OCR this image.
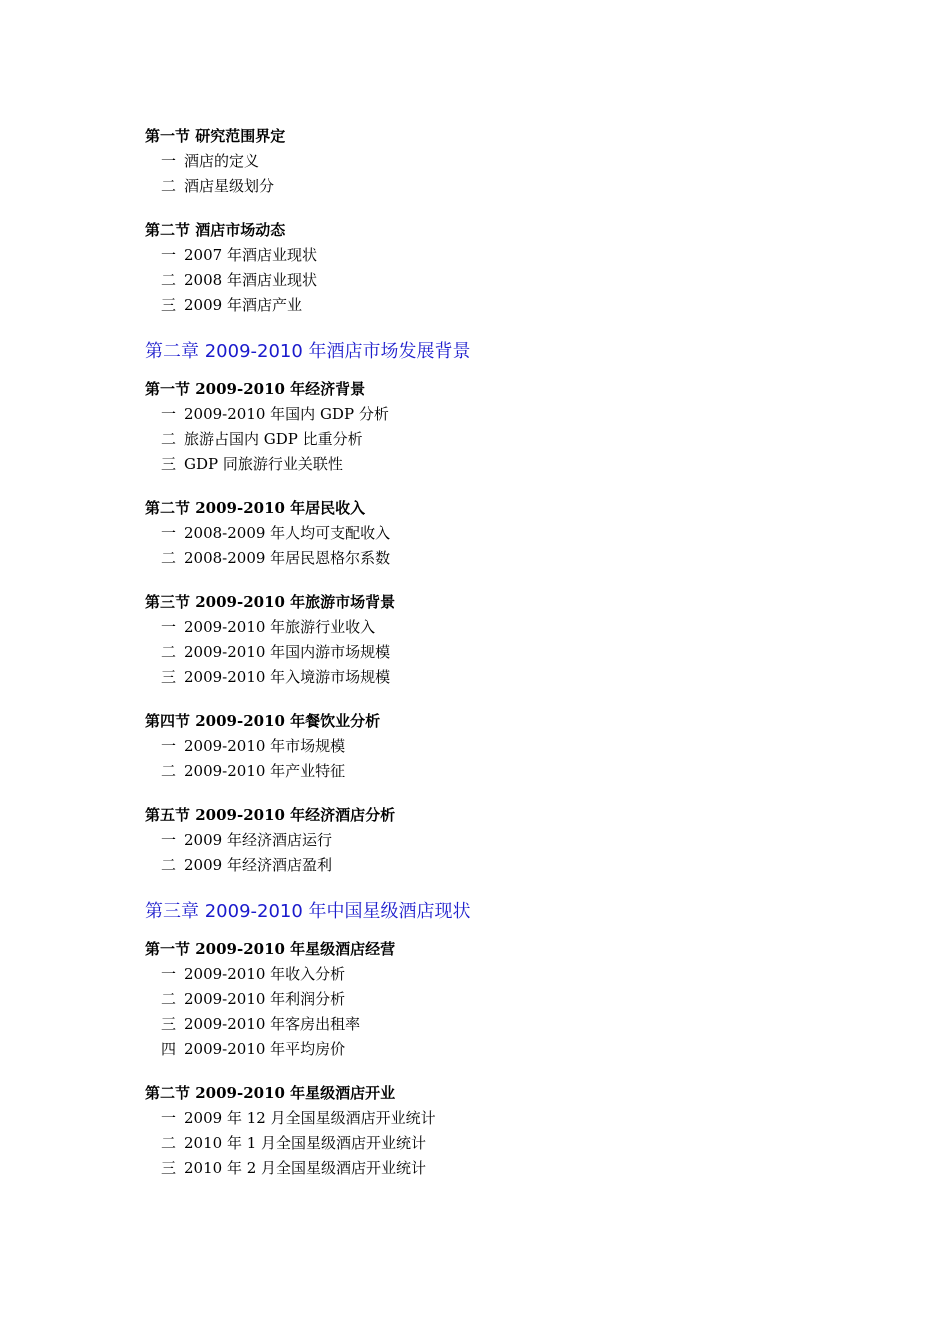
第一节 研究范围界定
一 酒店的定义
二 酒店星级划分
第二节 酒店市场动态
一 2007 年酒店业现状
二 2008 年酒店业现状
三 2009 年酒店产业
第二章 2009-2010 年酒店市场发展背景
第一节 2009-2010 年经济背景
一 2009-2010 年国内 GDP 分析
二 旅游占国内 GDP 比重分析
三 GDP 同旅游行业关联性
第二节 2009-2010 年居民收入
一 2008-2009 年人均可支配收入
二 2008-2009 年居民恩格尔系数
第三节 2009-2010 年旅游市场背景
一 2009-2010 年旅游行业收入
二 2009-2010 年国内游市场规模
三 2009-2010 年入境游市场规模
第四节 2009-2010 年餐饮业分析
一 2009-2010 年市场规模
二 2009-2010 年产业特征
第五节 2009-2010 年经济酒店分析
一 2009 年经济酒店运行
二 2009 年经济酒店盈利
第三章 2009-2010 年中国星级酒店现状
第一节 2009-2010 年星级酒店经营
一 2009-2010 年收入分析
二 2009-2010 年利润分析
三 2009-2010 年客房出租率
四 2009-2010 年平均房价
第二节 2009-2010 年星级酒店开业
一 2009 年 12 月全国星级酒店开业统计
二 2010 年 1 月全国星级酒店开业统计
三 2010 年 2 月全国星级酒店开业统计
